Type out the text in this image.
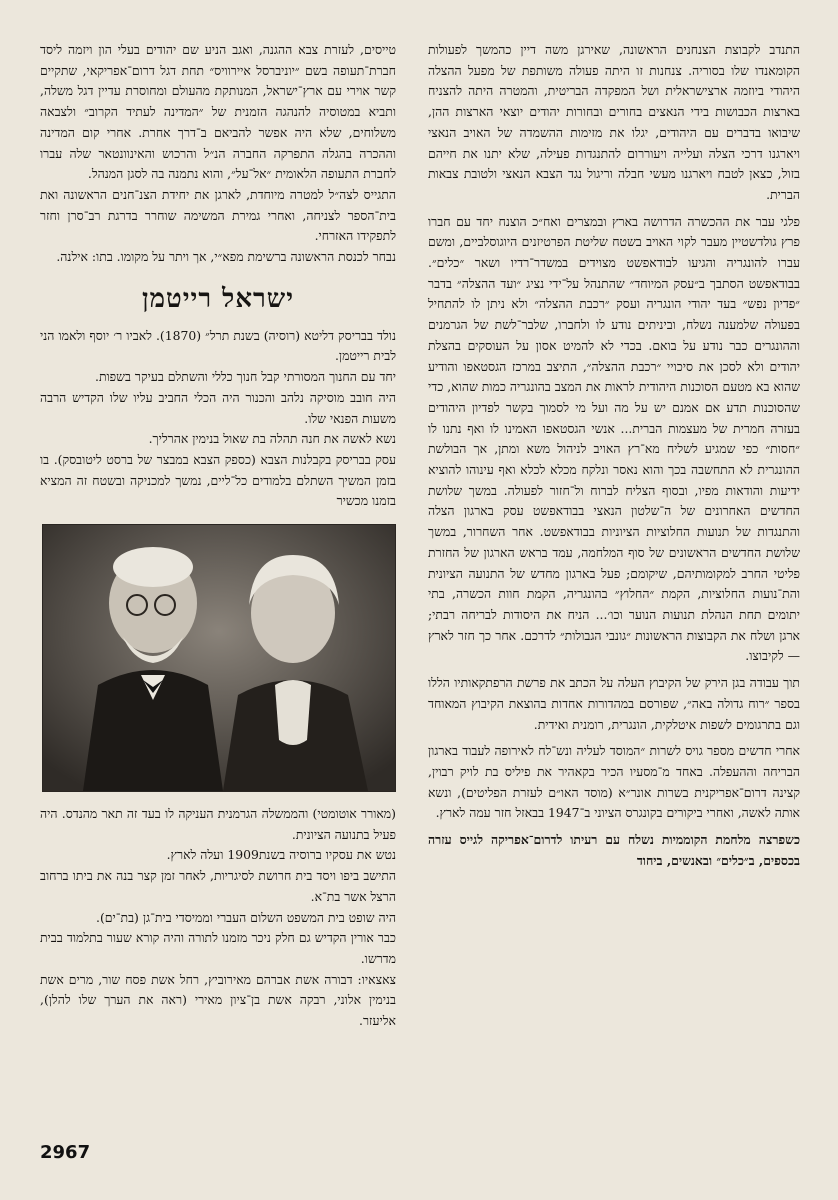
התנדב לקבוצת הצנחנים הראשונה, שאירגן משה דיין כהמשך לפעולות הקומאנדו שלו בסוריה. צנחנות זו היתה פעולה משותפת של מפעל ההצלה היהודי ביוזמה ארצישראלית ושל המפקדה הבריטית, והמטרה היתה להצניח בארצות הכבושות בידי הנאצים בחורים ובחורות יהודים יוצאי הארצות ההן, שיבואו בדברים עם היהודים, יגלו את מזימות ההשמדה של האויב הנאצי ויארגנו דרכי הצלה ועלייה ויעוררום להתנגדות פעילה, שלא יתנו את חייהם בזול, כצאן לטבח ויארגנו מעשי חבלה וריגול נגד הצבא הנאצי ולטובת צבאות הברית.

פלגי עבר את ההכשרה הדרושה בארץ ובמצרים ואח״כ הוצנח יחד עם חברו פרץ גולדשטיין מעבר לקוי האויב בשטח שליטת הפרטיזנים היוגוסלביים, ומשם עברו להונגריה והגיעו לבודאפשט מצוידים במשדר־רדיו ושאר ״כלים״. בבודאפשט הסתבך ב״עסק המיוחד״ שהתנהל על־ידי נציג ״ועד ההצלה״ בדבר ״פדיון נפש״ בעד יהודי הונגריה ועסק ״רכבת ההצלה״ ולא ניתן לו להתחיל בפעולה שלמענה נשלח, וביניתים נודע לו ולחברו, שלבר־לשת של הגרמנים וההונגרים כבר נודע על בואם. בכדי לא להמיט אסון על העוסקים בהצלת יהודים ולא לסכן את סיכויי ״רכבת ההצלה״, התיצב במרכז הגסטאפו והודיע שהוא בא מטעם הסוכנות היהודית לראות את המצב בהונגריה כמות שהוא, כדי שהסוכנות תדע אם אמנם יש על מה ועל מי לסמוך בקשר לפדיון היהודים בעזרה חמרית של מעצמות הברית... אנשי הגסטאפו האמינו לו ואף נתנו לו ״חסות״ כפי שמגיע לשליח מא־רץ האויב לניהול משא ומתן, אך הבולשת ההונגרית לא התחשבה בכך והוא נאסר ונלקח מכלא לכלא ואף עינוהו להוציא ידיעות והודאות מפיו, ובסוף הצליח לברוח ול־חזור לפעולה. במשך שלושת החדשים האחרונים של ה־שלטון הנאצי בבודאפשט עסק בארגון הצלה והתנגדות של תנועות החלוציות הציוניות בבודאפשט. אחר השחרור, במשך שלושת החדשים הראשונים של סוף המלחמה, עמד בראש הארגון של החזרת פליטי החרב למקומותיהם, שיקומם; פעל בארגון מחדש של התנועה הציונית והת־נועות החלוציות, הקמת ״החלוץ״ בהונגריה, הקמת חוות הכשרה, בתי יתומים תחת הנהלת תנועות הנוער וכו׳... הניח את היסודות לבריחה רבתי; ארגן ושלח את הקבוצות הראשונות ״גונבי הגבולות״ לדרכם. אחר כך חזר לארץ — לקיבוצו.

תוך עבודה בגן הירק של הקיבוץ העלה על הכתב את פרשת הרפתקאותיו הללו בספר ״רוח גדולה באה״, שפורסם במהדורות אחדות בהוצאת הקיבוץ המאוחד וגם בתרגומים לשפות איטלקית, הונגרית, רומנית ואידית.

אחרי חדשים מספר גויס לשרות ״המוסד לעליה ונש־לח לאירופה לעבוד בארגון הבריחה וההעפלה. באחד מ־מסעיו הכיר בקאהיר את פיליס בת לויק רבוין, קצינה דרום־אפריקנית בשרות אונר״א (מוסד האו״ם לעזרת הפליטים), ונשא אותה לאשה, ואחרי ביקורים בקונגרס הציוני ב־1947 בבאזל חזר עמה לארץ.

כשפרצה מלחמת הקוממיות נשלח עם רעיתו לדרום־אפריקה לגייס עזרה בכספים, ב״כלים״ ובאנשים, ביחוד

טייסים, לעזרת צבא ההגנה, ואגב הניע שם יהודים בעלי הון ויזמה ליסד חברת־תעופה בשם ״יוניברסל איירוויס״ תחת דגל דרום־אפריקאי, שתקיים קשר אוירי עם ארץ־ישראל, המנותקת מהעולם ומחוסרת עדיין דגל משלה, ותביא במטוסיה להנהגה הזמנית של ״המדינה לעתיד הקרוב״ ולצבאה משלוחים, שלא היה אפשר להביאם ב־דרך אחרת. אחרי קום המדינה וההכרה בהגלה התפרקה החברה הנ״ל והרכוש והאינוונטאר שלה עברו לחברת התעופה הלאומית ״אל־על״, והוא נתמנה בה לסגן המנהל.

התגייס לצה״ל למטרה מיוחדת, לארגן את יחידת הצנ־חנים הראשונה ואת בית־הספר לצניחה, ואחרי גמירת המשימה שוחרר בדרגת רב־סרן וחזר לתפקידו האזרחי.

נבחר לכנסת הראשונה ברשימת מפא״י, אך ויתר על מקומו. בתו: אילנה.

ישראל רייטמן

נולד בבריסק דליטא (רוסיה) בשנת תרל״ (1870). לאביו ר׳ יוסף ולאמו הני לבית רייטמן.

יחד עם החנוך המסורתי קבל חנוך כללי והשתלם בעיקר בשפות.

היה חובב מוסיקה נלהב והכנור היה הכלי החביב עליו שלו הקדיש הרבה משעות הפנאי שלו.

נשא לאשה את חנה תהלה בת שאול בנימין אהרליך.

עסק בבריסק בקבלנות הצבא (כספק הצבא במבצר של ברסט ליטובסק). בו בזמן המשיך השתלם בלמודים כל־ליים, נמשך למכניקה ובשטח זה המציא בזמנו מכשיר

(מאורר אוטומטי) והממשלה הגרמנית העניקה לו בעד זה תאר מהנדס. היה פעיל בתנועה הציונית.

נטש את עסקיו ברוסיה בשנת1909 ועלה לארץ.

התישב ביפו ויסד בית חרושת לסיגריות, לאחר זמן קצר בנה את ביתו ברחוב הרצל אשר בת־א.

היה שופט בית המשפט השלום העברי וממיסדי בית־גן (בת־ים).

כבר אורין הקדיש גם חלק ניכר מזמנו לתורה והיה קורא שעור בתלמוד בבית מדרשו.

צאצאיו: דבורה אשת אברהם מאירוביץ, רחל אשת פסח שור, מרים אשת בנימין אלוני, רבקה אשת בן־ציון מאירי (ראה את הערך שלו להלן), אליעזר.

2967
